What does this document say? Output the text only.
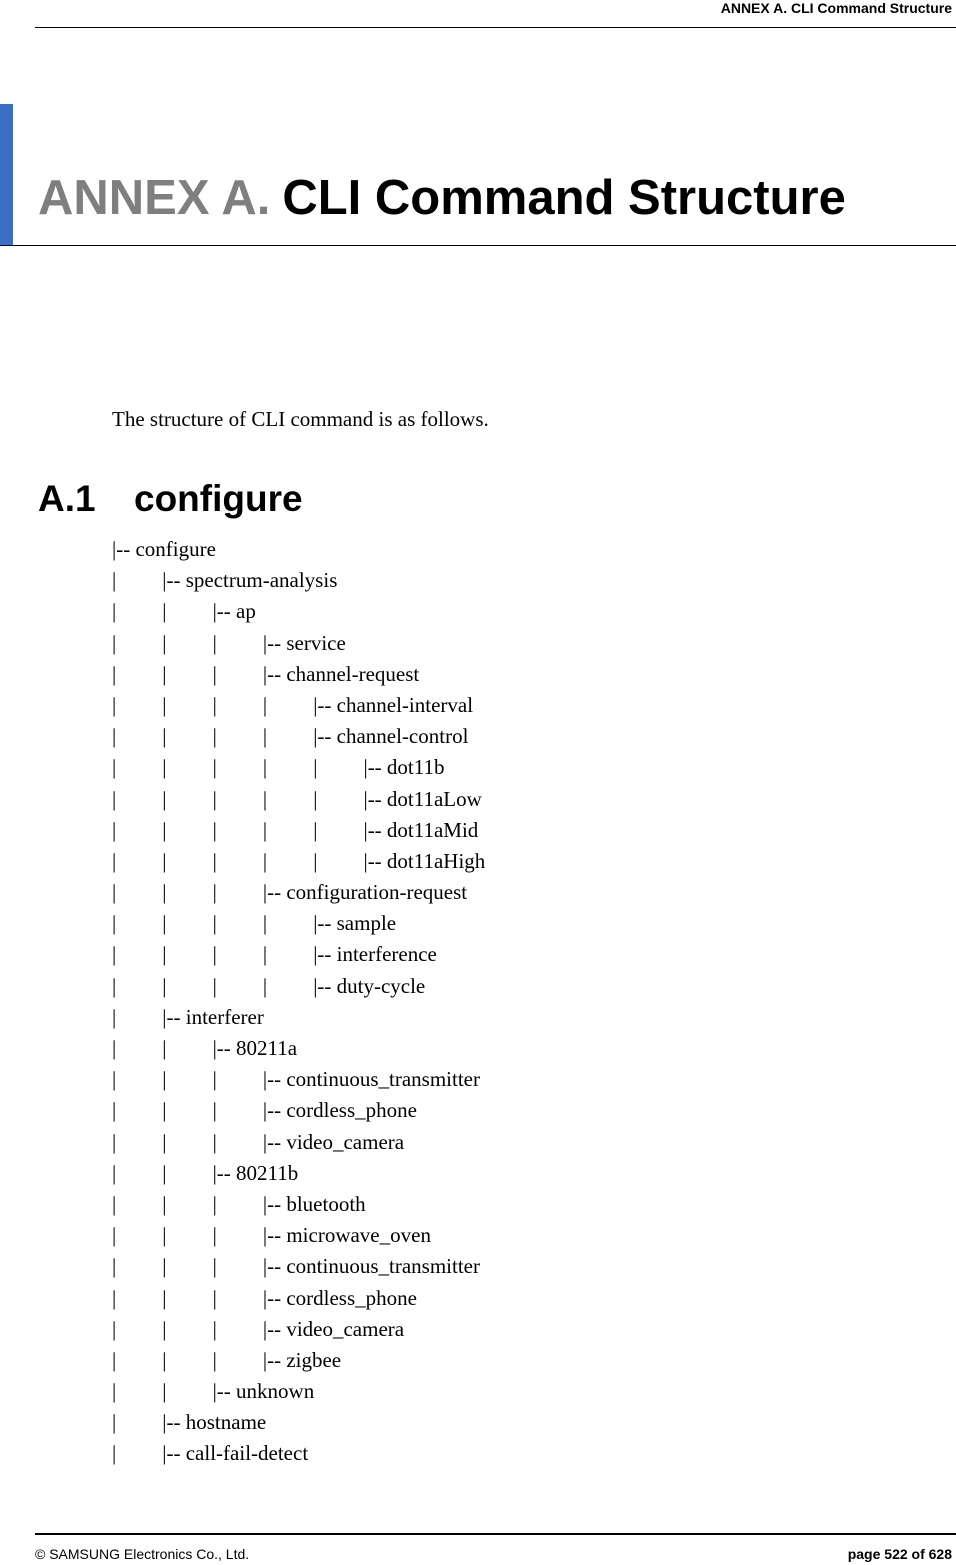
ANNEX A. CLI Command Structure
ANNEX A. CLI Command Structure
The structure of CLI command is as follows.
A.1 configure
|-- configure
| |-- spectrum-analysis
| | |-- ap
| | | |-- service
| | | |-- channel-request
| | | | |-- channel-interval
| | | | |-- channel-control
| | | | | |-- dot11b
| | | | | |-- dot11aLow
| | | | | |-- dot11aMid
| | | | | |-- dot11aHigh
| | | |-- configuration-request
| | | | |-- sample
| | | | |-- interference
| | | | |-- duty-cycle
| |-- interferer
| | |-- 80211a
| | | |-- continuous_transmitter
| | | |-- cordless_phone
| | | |-- video_camera
| | |-- 80211b
| | | |-- bluetooth
| | | |-- microwave_oven
| | | |-- continuous_transmitter
| | | |-- cordless_phone
| | | |-- video_camera
| | | |-- zigbee
| | |-- unknown
| |-- hostname
| |-- call-fail-detect
© SAMSUNG Electronics Co., Ltd.	page 522 of 628
